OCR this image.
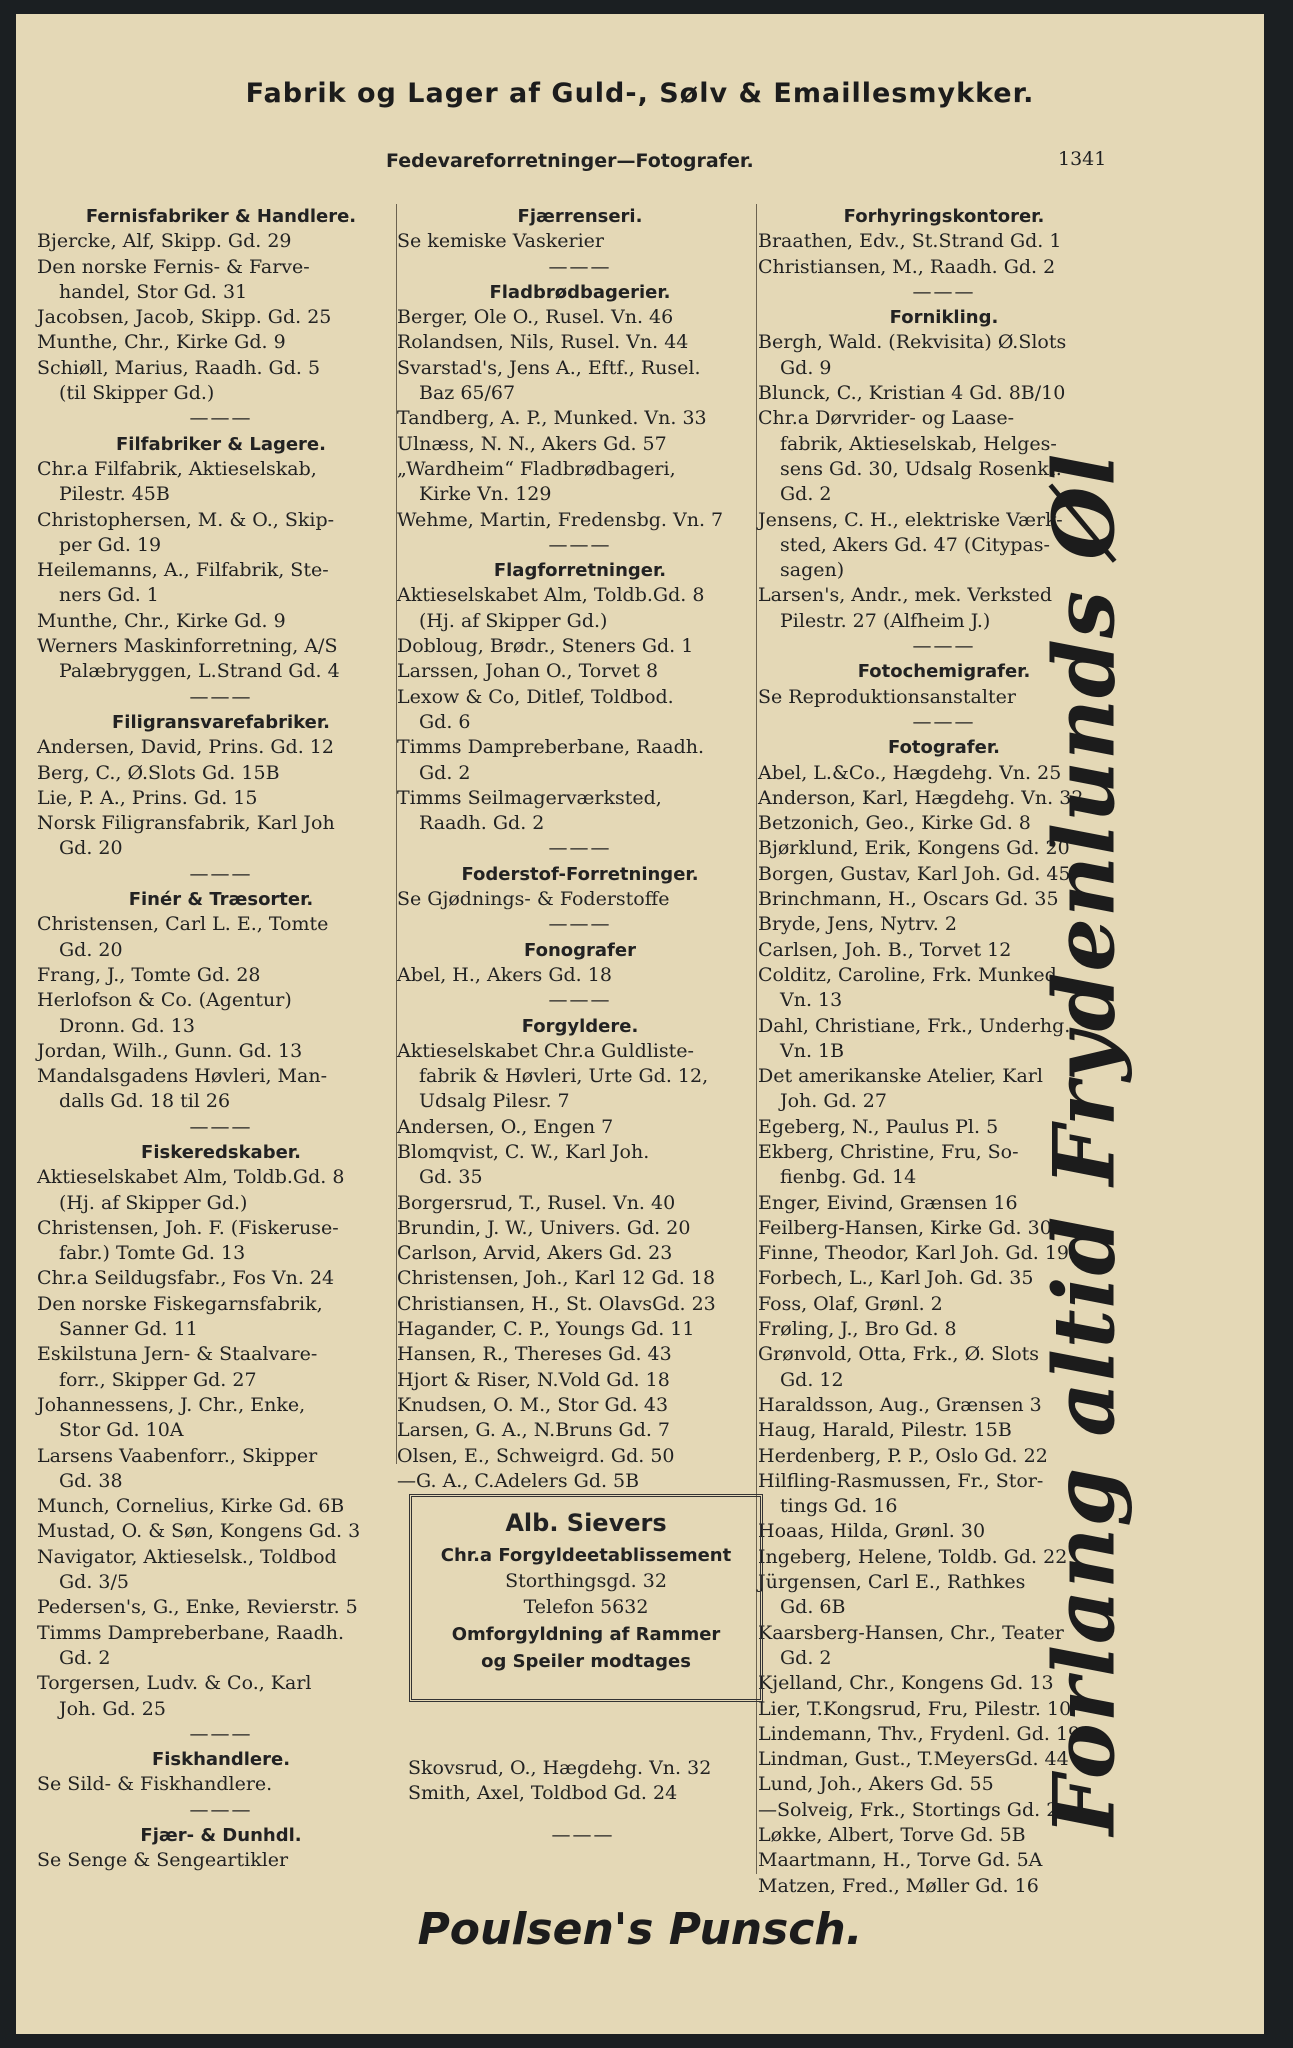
Fabrik og Lager af Guld-, Sølv & Emaillesmykker.
Fedevareforretninger—Fotografer.	1341
Fernisfabriker & Handlere.
Bjercke, Alf, Skipp. Gd. 29
Den norske Fernis- & Farve-
handel, Stor Gd. 31
Jacobsen, Jacob, Skipp. Gd. 25
Munthe, Chr., Kirke Gd. 9
Schiøll, Marius, Raadh. Gd. 5
(til Skipper Gd.)
———
Filfabriker & Lagere.
Chr.a Filfabrik, Aktieselskab,
Pilestr. 45B
Christophersen, M. & O., Skip-
per Gd. 19
Heilemanns, A., Filfabrik, Ste-
ners Gd. 1
Munthe, Chr., Kirke Gd. 9
Werners Maskinforretning, A/S
Palæbryggen, L.Strand Gd. 4
———
Filigransvarefabriker.
Andersen, David, Prins. Gd. 12
Berg, C., Ø.Slots Gd. 15B
Lie, P. A., Prins. Gd. 15
Norsk Filigransfabrik, Karl Joh
Gd. 20
———
Finér & Træsorter.
Christensen, Carl L. E., Tomte
Gd. 20
Frang, J., Tomte Gd. 28
Herlofson & Co. (Agentur)
Dronn. Gd. 13
Jordan, Wilh., Gunn. Gd. 13
Mandalsgadens Høvleri, Man-
dalls Gd. 18 til 26
———
Fiskeredskaber.
Aktieselskabet Alm, Toldb.Gd. 8
(Hj. af Skipper Gd.)
Christensen, Joh. F. (Fiskeruse-
fabr.) Tomte Gd. 13
Chr.a Seildugsfabr., Fos Vn. 24
Den norske Fiskegarnsfabrik,
Sanner Gd. 11
Eskilstuna Jern- & Staalvare-
forr., Skipper Gd. 27
Johannessens, J. Chr., Enke,
Stor Gd. 10A
Larsens Vaabenforr., Skipper
Gd. 38
Munch, Cornelius, Kirke Gd. 6B
Mustad, O. & Søn, Kongens Gd. 3
Navigator, Aktieselsk., Toldbod
Gd. 3/5
Pedersen's, G., Enke, Revierstr. 5
Timms Dampreberbane, Raadh.
Gd. 2
Torgersen, Ludv. & Co., Karl
Joh. Gd. 25
———
Fiskhandlere.
Se Sild- & Fiskhandlere.
———
Fjær- & Dunhdl.
Se Senge & Sengeartikler
Fjærrenseri.
Se kemiske Vaskerier
———
Fladbrødbagerier.
Berger, Ole O., Rusel. Vn. 46
Rolandsen, Nils, Rusel. Vn. 44
Svarstad's, Jens A., Eftf., Rusel.
Baz 65/67
Tandberg, A. P., Munked. Vn. 33
Ulnæss, N. N., Akers Gd. 57
„Wardheim“ Fladbrødbageri,
Kirke Vn. 129
Wehme, Martin, Fredensbg. Vn. 7
———
Flagforretninger.
Aktieselskabet Alm, Toldb.Gd. 8
(Hj. af Skipper Gd.)
Dobloug, Brødr., Steners Gd. 1
Larssen, Johan O., Torvet 8
Lexow & Co, Ditlef, Toldbod.
Gd. 6
Timms Dampreberbane, Raadh.
Gd. 2
Timms Seilmagerværksted,
Raadh. Gd. 2
———
Foderstof-Forretninger.
Se Gjødnings- & Foderstoffe
———
Fonografer
Abel, H., Akers Gd. 18
———
Forgyldere.
Aktieselskabet Chr.a Guldliste-
fabrik & Høvleri, Urte Gd. 12,
Udsalg Pilesr. 7
Andersen, O., Engen 7
Blomqvist, C. W., Karl Joh.
Gd. 35
Borgersrud, T., Rusel. Vn. 40
Brundin, J. W., Univers. Gd. 20
Carlson, Arvid, Akers Gd. 23
Christensen, Joh., Karl 12 Gd. 18
Christiansen, H., St. OlavsGd. 23
Hagander, C. P., Youngs Gd. 11
Hansen, R., Thereses Gd. 43
Hjort & Riser, N.Vold Gd. 18
Knudsen, O. M., Stor Gd. 43
Larsen, G. A., N.Bruns Gd. 7
Olsen, E., Schweigrd. Gd. 50
—G. A., C.Adelers Gd. 5B
Forhyringskontorer.
Braathen, Edv., St.Strand Gd. 1
Christiansen, M., Raadh. Gd. 2
———
Fornikling.
Bergh, Wald. (Rekvisita) Ø.Slots
Gd. 9
Blunck, C., Kristian 4 Gd. 8B/10
Chr.a Dørvrider- og Laase-
fabrik, Aktieselskab, Helges-
sens Gd. 30, Udsalg Rosenkr.
Gd. 2
Jensens, C. H., elektriske Værk-
sted, Akers Gd. 47 (Citypas-
sagen)
Larsen's, Andr., mek. Verksted
Pilestr. 27 (Alfheim J.)
———
Fotochemigrafer.
Se Reproduktionsanstalter
———
Fotografer.
Abel, L.&Co., Hægdehg. Vn. 25
Anderson, Karl, Hægdehg. Vn. 32
Betzonich, Geo., Kirke Gd. 8
Bjørklund, Erik, Kongens Gd. 20
Borgen, Gustav, Karl Joh. Gd. 45
Brinchmann, H., Oscars Gd. 35
Bryde, Jens, Nytrv. 2
Carlsen, Joh. B., Torvet 12
Colditz, Caroline, Frk. Munked.
Vn. 13
Dahl, Christiane, Frk., Underhg.
Vn. 1B
Det amerikanske Atelier, Karl
Joh. Gd. 27
Egeberg, N., Paulus Pl. 5
Ekberg, Christine, Fru, So-
fienbg. Gd. 14
Enger, Eivind, Grænsen 16
Feilberg-Hansen, Kirke Gd. 30
Finne, Theodor, Karl Joh. Gd. 19
Forbech, L., Karl Joh. Gd. 35
Foss, Olaf, Grønl. 2
Frøling, J., Bro Gd. 8
Grønvold, Otta, Frk., Ø. Slots
Gd. 12
Haraldsson, Aug., Grænsen 3
Haug, Harald, Pilestr. 15B
Herdenberg, P. P., Oslo Gd. 22
Hilfling-Rasmussen, Fr., Stor-
tings Gd. 16
Hoaas, Hilda, Grønl. 30
Ingeberg, Helene, Toldb. Gd. 22
Jürgensen, Carl E., Rathkes
Gd. 6B
Kaarsberg-Hansen, Chr., Teater
Gd. 2
Kjelland, Chr., Kongens Gd. 13
Lier, T.Kongsrud, Fru, Pilestr. 10
Lindemann, Thv., Frydenl. Gd. 19
Lindman, Gust., T.MeyersGd. 44
Lund, Joh., Akers Gd. 55
—Solveig, Frk., Stortings Gd. 2
Løkke, Albert, Torve Gd. 5B
Maartmann, H., Torve Gd. 5A
Matzen, Fred., Møller Gd. 16
Alb. Sievers
Chr.a Forgyldeetablissement
Storthingsgd. 32
Telefon 5632
Omforgyldning af Rammer
og Speiler modtages
Skovsrud, O., Hægdehg. Vn. 32
Smith, Axel, Toldbod Gd. 24
———	Forlang altid Frydenlunds Øl
Poulsen's Punsch.
